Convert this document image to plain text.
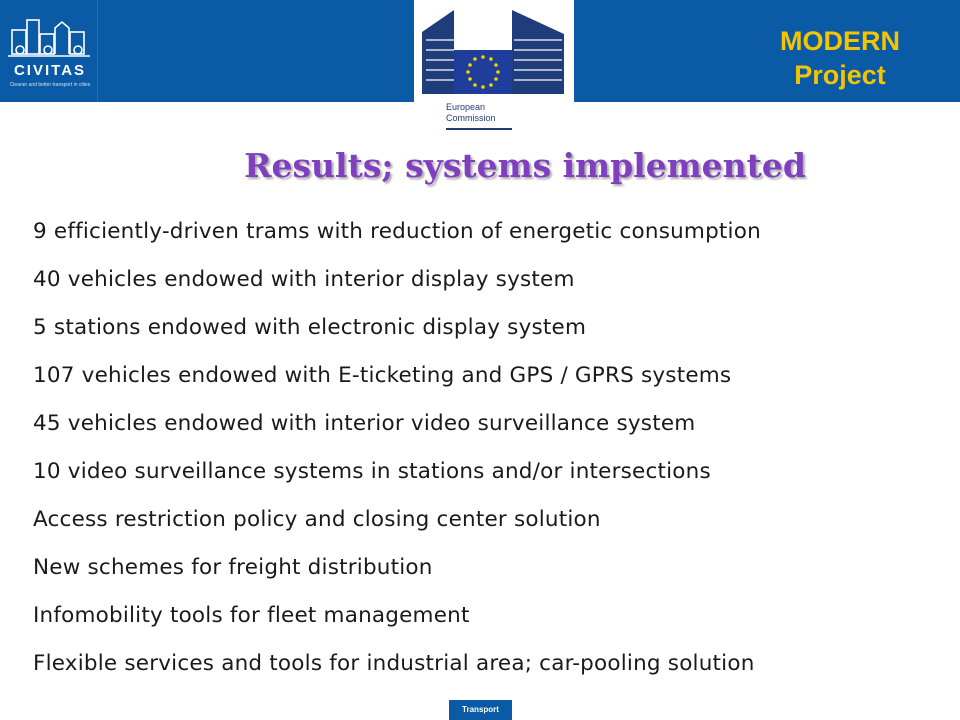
CIVITAS
Cleaner and better transport in cities
European
Commission
MODERN
Project
Results; systems implemented
9 efficiently-driven trams with reduction of energetic consumption
40 vehicles endowed with interior display system
5 stations endowed with electronic display system
107 vehicles endowed with E-ticketing and GPS / GPRS systems
45 vehicles endowed with interior video surveillance system
10 video surveillance systems in stations and/or intersections
Access restriction policy and closing center solution
New schemes for freight distribution
Infomobility tools for fleet management
Flexible services and tools for industrial area; car-pooling solution
Transport
